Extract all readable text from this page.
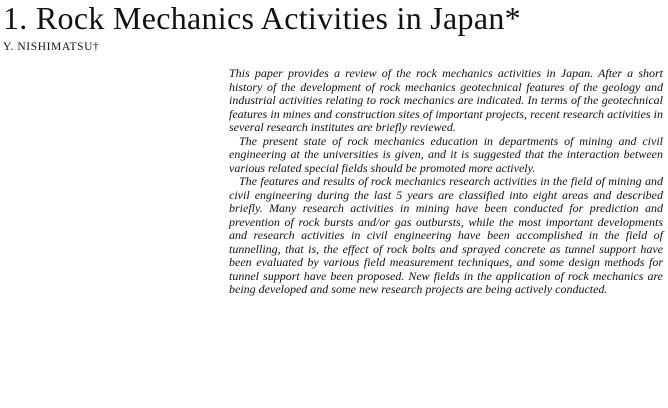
1. Rock Mechanics Activities in Japan*
Y. NISHIMATSU†

This paper provides a review of the rock mechanics activities in Japan. After a short history of the development of rock mechanics geotechnical features of the geology and industrial activities relating to rock mechanics are indicated. In terms of the geotechnical features in mines and construction sites of important projects, recent research activities in several research institutes are briefly reviewed.

The present state of rock mechanics education in departments of mining and civil engineering at the universities is given, and it is suggested that the interaction between various related special fields should be promoted more actively.

The features and results of rock mechanics research activities in the field of mining and civil engineering during the last 5 years are classified into eight areas and described briefly. Many research activities in mining have been conducted for prediction and prevention of rock bursts and/or gas outbursts, while the most important developments and research activities in civil engineering have been accomplished in the field of tunnelling, that is, the effect of rock bolts and sprayed concrete as tunnel support have been evaluated by various field measurement techniques, and some design methods for tunnel support have been proposed. New fields in the application of rock mechanics are being developed and some new research projects are being actively conducted.
